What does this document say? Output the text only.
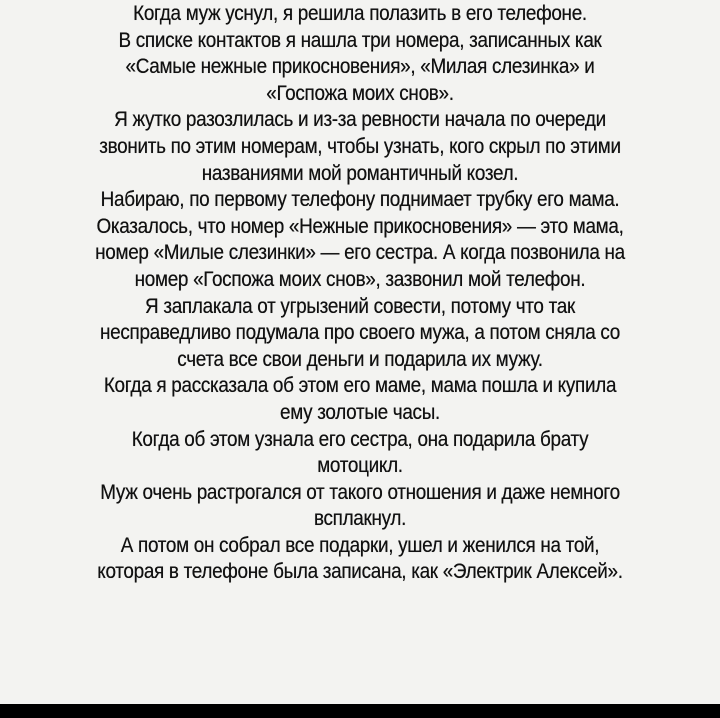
Когда муж уснул, я решила полазить в его телефоне.
В списке контактов я нашла три номера, записанных как
«Самые нежные прикосновения», «Милая слезинка» и
«Госпожа моих снов».
Я жутко разозлилась и из-за ревности начала по очереди
звонить по этим номерам, чтобы узнать, кого скрыл по этими
названиями мой романтичный козел.
Набираю, по первому телефону поднимает трубку его мама.
Оказалось, что номер «Нежные прикосновения» — это мама,
номер «Милые слезинки» — его сестра. А когда позвонила на
номер «Госпожа моих снов», зазвонил мой телефон.
Я заплакала от угрызений совести, потому что так
несправедливо подумала про своего мужа, а потом сняла со
счета все свои деньги и подарила их мужу.
Когда я рассказала об этом его маме, мама пошла и купила
ему золотые часы.
Когда об этом узнала его сестра, она подарила брату
мотоцикл.
Муж очень растрогался от такого отношения и даже немного
всплакнул.
А потом он собрал все подарки, ушел и женился на той,
которая в телефоне была записана, как «Электрик Алексей».
